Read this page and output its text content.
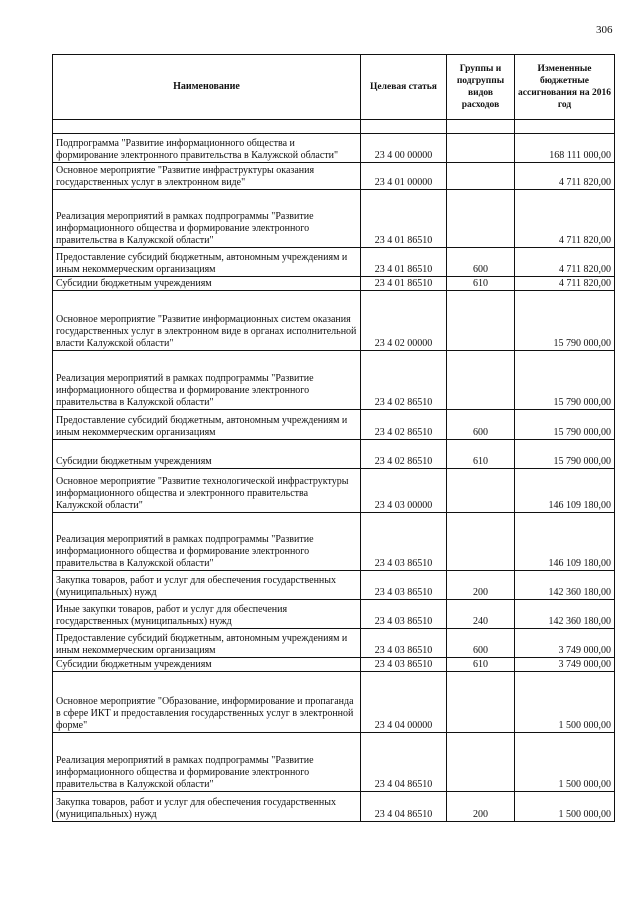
306
Наименование	Целевая статья	Группы и подгруппы видов расходов	Измененные бюджетные ассигнования на 2016 год

Подпрограмма "Развитие информационного общества и формирование электронного правительства в Калужской области"	23 4 00 00000		168 111 000,00
Основное мероприятие "Развитие инфраструктуры оказания государственных услуг в электронном виде"	23 4 01 00000		4 711 820,00
Реализация мероприятий в рамках подпрограммы "Развитие информационного общества и формирование электронного правительства в Калужской области"	23 4 01 86510		4 711 820,00
Предоставление субсидий бюджетным, автономным учреждениям и иным некоммерческим организациям	23 4 01 86510	600	4 711 820,00
Субсидии бюджетным учреждениям	23 4 01 86510	610	4 711 820,00
Основное мероприятие "Развитие информационных систем оказания государственных услуг в электронном виде в органах исполнительной власти Калужской области"	23 4 02 00000		15 790 000,00
Реализация мероприятий в рамках подпрограммы "Развитие информационного общества и формирование электронного правительства в Калужской области"	23 4 02 86510		15 790 000,00
Предоставление субсидий бюджетным, автономным учреждениям и иным некоммерческим организациям	23 4 02 86510	600	15 790 000,00
Субсидии бюджетным учреждениям	23 4 02 86510	610	15 790 000,00
Основное мероприятие "Развитие технологической инфраструктуры информационного общества и электронного правительства Калужской области"	23 4 03 00000		146 109 180,00
Реализация мероприятий в рамках подпрограммы "Развитие информационного общества и формирование электронного правительства в Калужской области"	23 4 03 86510		146 109 180,00
Закупка товаров, работ и услуг для обеспечения государственных (муниципальных) нужд	23 4 03 86510	200	142 360 180,00
Иные закупки товаров, работ и услуг для обеспечения государственных (муниципальных) нужд	23 4 03 86510	240	142 360 180,00
Предоставление субсидий бюджетным, автономным учреждениям и иным некоммерческим организациям	23 4 03 86510	600	3 749 000,00
Субсидии бюджетным учреждениям	23 4 03 86510	610	3 749 000,00
Основное мероприятие "Образование, информирование и пропаганда в сфере ИКТ и предоставления государственных услуг в электронной форме"	23 4 04 00000		1 500 000,00
Реализация мероприятий в рамках подпрограммы "Развитие информационного общества и формирование электронного правительства в Калужской области"	23 4 04 86510		1 500 000,00
Закупка товаров, работ и услуг для обеспечения государственных (муниципальных) нужд	23 4 04 86510	200	1 500 000,00
